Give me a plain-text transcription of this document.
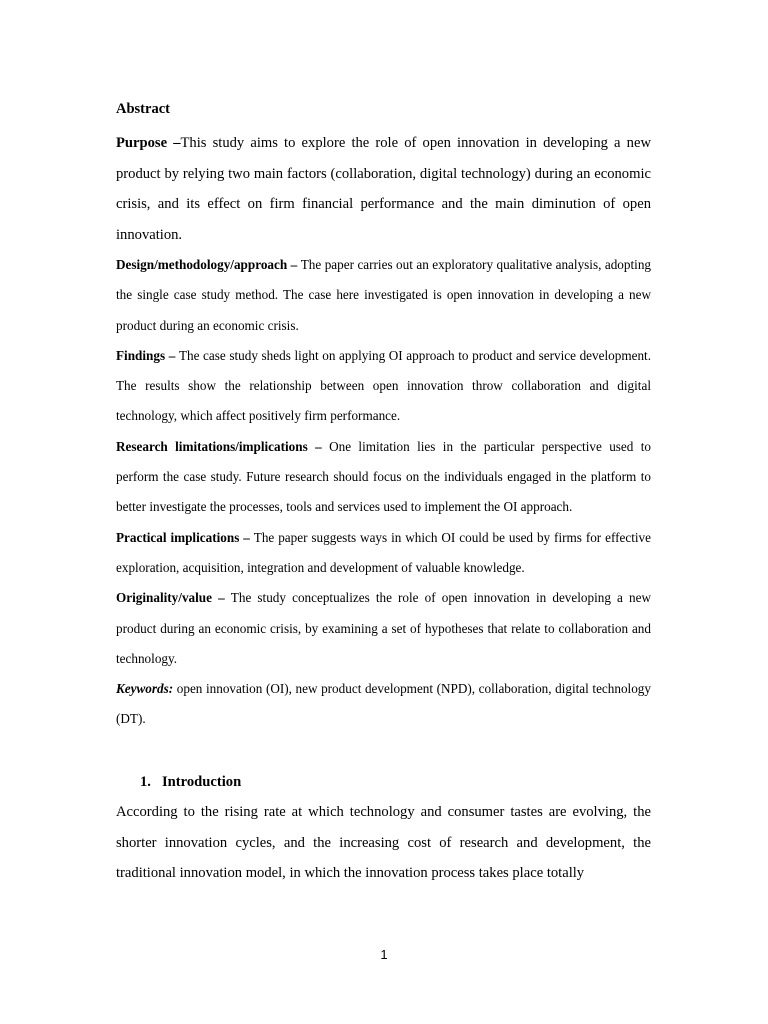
Abstract

Purpose –This study aims to explore the role of open innovation in developing a new product by relying two main factors (collaboration, digital technology) during an economic crisis, and its effect on firm financial performance and the main diminution of open innovation.

Design/methodology/approach – The paper carries out an exploratory qualitative analysis, adopting the single case study method. The case here investigated is open innovation in developing a new product during an economic crisis.

Findings – The case study sheds light on applying OI approach to product and service development. The results show the relationship between open innovation throw collaboration and digital technology, which affect positively firm performance.

Research limitations/implications – One limitation lies in the particular perspective used to perform the case study. Future research should focus on the individuals engaged in the platform to better investigate the processes, tools and services used to implement the OI approach.

Practical implications – The paper suggests ways in which OI could be used by firms for effective exploration, acquisition, integration and development of valuable knowledge.

Originality/value – The study conceptualizes the role of open innovation in developing a new product during an economic crisis, by examining a set of hypotheses that relate to collaboration and technology.

Keywords: open innovation (OI), new product development (NPD), collaboration, digital technology (DT).

1. Introduction

According to the rising rate at which technology and consumer tastes are evolving, the shorter innovation cycles, and the increasing cost of research and development, the traditional innovation model, in which the innovation process takes place totally

1
